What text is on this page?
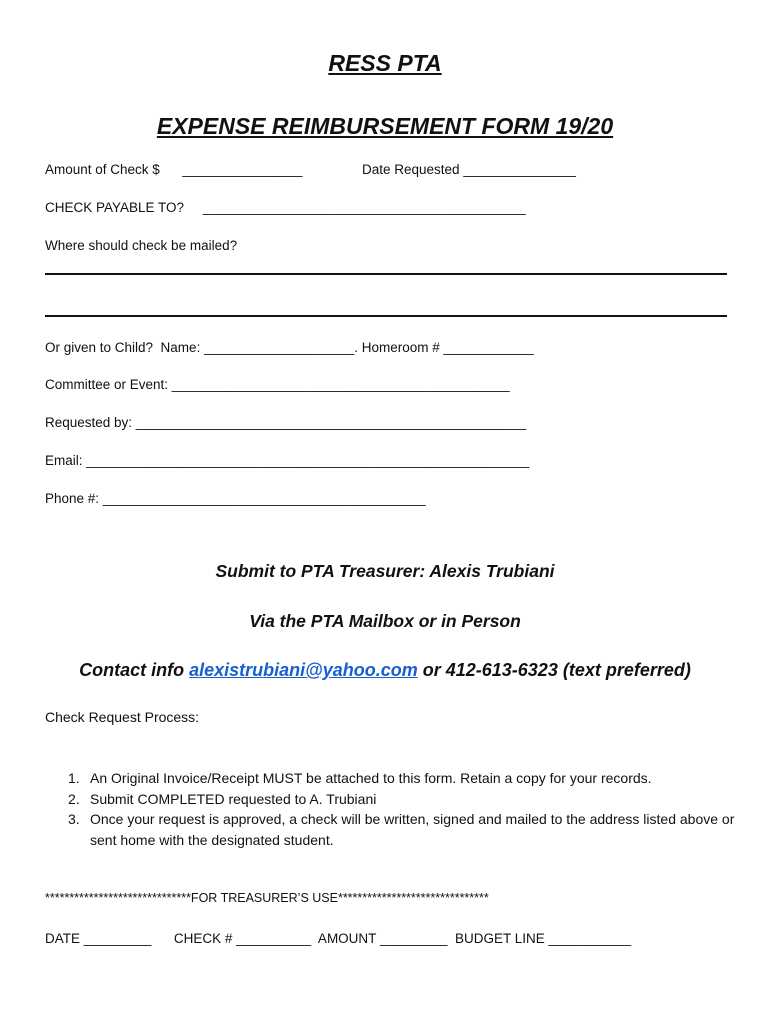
RESS PTA
EXPENSE REIMBURSEMENT FORM 19/20
Amount of Check $      ________________	Date Requested _______________
CHECK PAYABLE TO?     ___________________________________________
Where should check be mailed?
Or given to Child?  Name: ____________________. Homeroom # ____________
Committee or Event: _____________________________________________
Requested by: ____________________________________________________
Email: ___________________________________________________________
Phone #: ___________________________________________
Submit to PTA Treasurer: Alexis Trubiani
Via the PTA Mailbox or in Person
Contact info alexistrubiani@yahoo.com or 412-613-6323 (text preferred)
Check Request Process:
1. An Original Invoice/Receipt MUST be attached to this form. Retain a copy for your records.
2. Submit COMPLETED requested to A. Trubiani
3. Once your request is approved, a check will be written, signed and mailed to the address listed above or sent home with the designated student.
******************************FOR TREASURER’S USE*******************************
DATE _________      CHECK # __________  AMOUNT _________  BUDGET LINE ___________
